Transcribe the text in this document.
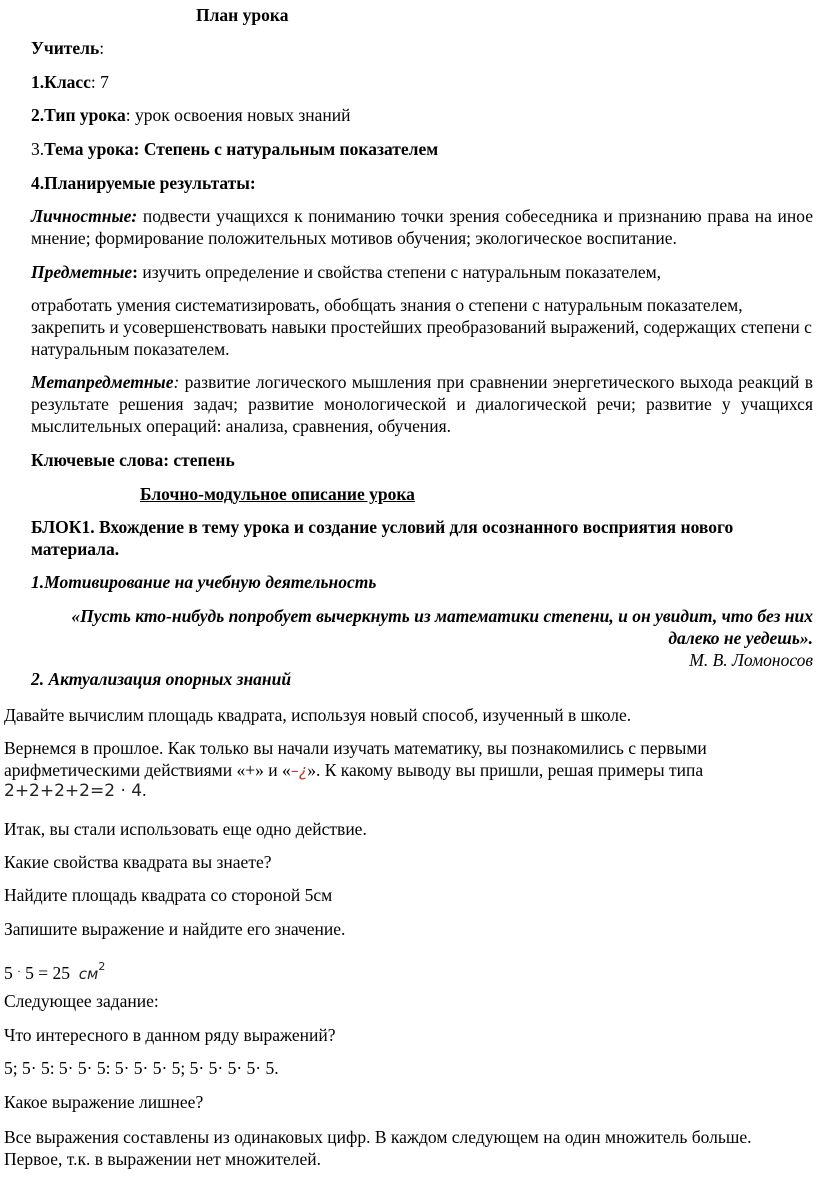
План урока
Учитель:
1.Класс: 7
2.Тип урока: урок освоения новых знаний
3.Тема урока: Степень с натуральным показателем
4.Планируемые результаты:
Личностные: подвести учащихся к пониманию точки зрения собеседника и признанию права на иное мнение; формирование положительных мотивов обучения; экологическое воспитание.
Предметные: изучить определение и свойства степени с натуральным показателем,
отработать умения систематизировать, обобщать знания о степени с натуральным показателем, закрепить и усовершенствовать навыки простейших преобразований выражений, содержащих степени с натуральным показателем.
Метапредметные: развитие логического мышления при сравнении энергетического выхода реакций в результате решения задач; развитие монологической и диалогической речи; развитие у учащихся мыслительных операций: анализа, сравнения, обучения.
Ключевые слова: степень
Блочно-модульное описание урока
БЛОК1. Вхождение в тему урока и создание условий для осознанного восприятия нового материала.
1.Мотивирование на учебную деятельность
«Пусть кто-нибудь попробует вычеркнуть из математики степени, и он увидит, что без них далеко не уедешь».
М. В. Ломоносов
2. Актуализация опорных знаний
Давайте вычислим площадь квадрата, используя новый способ, изученный в школе.
Вернемся в прошлое. Как только вы начали изучать математику, вы познакомились с первыми арифметическими действиями «+» и «–¿». К какому выводу вы пришли, решая примеры типа
2+2+2+2=2 · 4.
Итак, вы стали использовать еще одно действие.
Какие свойства квадрата вы знаете?
Найдите площадь квадрата со стороной 5см
Запишите выражение и найдите его значение.
5 · 5 = 25 $см^2$
Следующее задание:
Что интересного в данном ряду выражений?
5; 5· 5: 5· 5· 5: 5· 5· 5· 5; 5· 5· 5· 5· 5.
Какое выражение лишнее?
Все выражения составлены из одинаковых цифр. В каждом следующем на один множитель больше. Первое, т.к. в выражении нет множителей.
